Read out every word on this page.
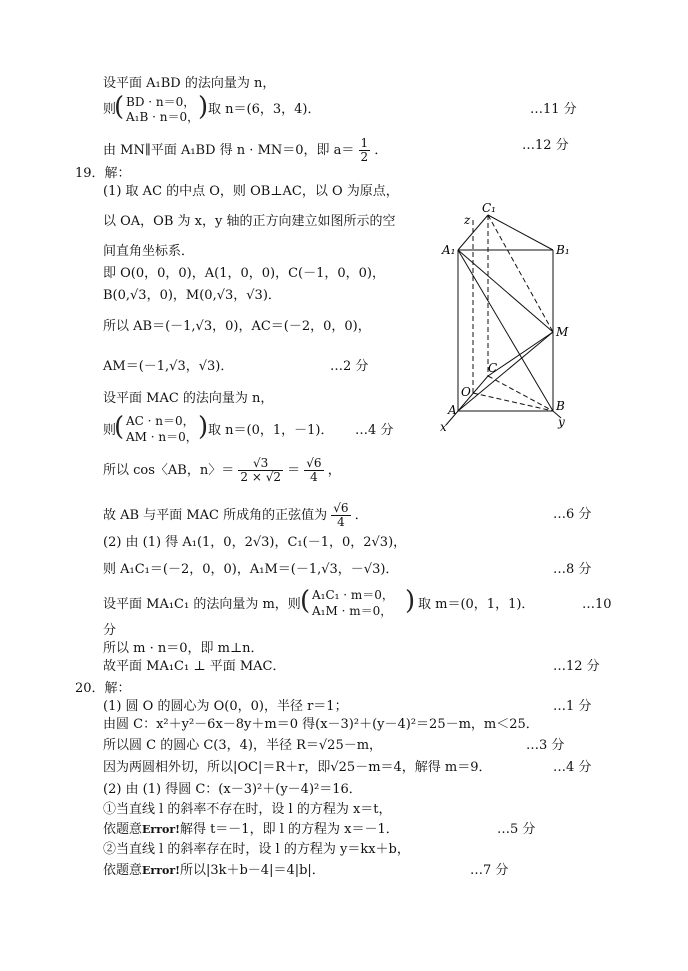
设平面 A₁BD 的法向量为 n，
则
( BD · n＝0，
A₁B · n＝0，
) 取 n＝(6，3，4)．	…11 分
由 MN∥平面 A₁BD 得 n · MN＝0，即 $a= \frac{1}{2}$ ．	…12 分
19．解：
(1) 取 AC 的中点 O，则 OB⊥AC，以 O 为原点，
以 OA，OB 为 x，y 轴的正方向建立如图所示的空
间直角坐标系．
即 O(0，0，0)，A(1，0，0)，C(－1，0，0)，
B(0,√3，0)，M(0,√3，√3)．
所以 AB＝(－1,√3，0)，AC＝(－2，0，0)，
AM＝(－1,√3，√3)．	…2 分
设平面 MAC 的法向量为 n，
则
( AC · n＝0，
AM · n＝0， ) 取 n＝(0，1，－1)． …4 分
所以 cos〈AB，n〉＝ $\frac{√3}{2 \times √2} = \frac{√6}{4}$ ，
故 AB 与平面 MAC 所成角的正弦值为 $\frac{√6}{4}$ ．	…6 分
(2) 由 (1) 得 A₁(1，0，2√3)，C₁(－1，0，2√3)，
则 A₁C₁＝(－2，0，0)，A₁M＝(－1,√3，－√3)．	…8 分
设平面 MA₁C₁ 的法向量为 m，则 ( A₁C₁ · m＝0，
A₁M · m＝0， ) 取 m＝(0，1，1)．	…10
分
所以 m · n＝0，即 m⊥n．
故平面 MA₁C₁ ⊥ 平面 MAC．	…12 分
20．解：
(1) 圆 O 的圆心为 O(0，0)，半径 r＝1；	…1 分
由圆 C：x²＋y²－6x－8y＋m＝0 得(x－3)²＋(y－4)²＝25－m，m＜25．
所以圆 C 的圆心 C(3，4)，半径 R＝√25－m，	…3 分
因为两圆相外切，所以|OC|＝R＋r，即√25－m＝4，解得 m＝9．	…4 分
(2) 由 (1) 得圆 C：(x－3)²＋(y－4)²＝16．
①当直线 l 的斜率不存在时，设 l 的方程为 x＝t，
依题意Error!解得 t＝－1，即 l 的方程为 x＝－1．	…5 分
②当直线 l 的斜率存在时，设 l 的方程为 y＝kx＋b，
依题意Error!所以|3k＋b－4|＝4|b|．	…7 分
z
C₁
A₁	B₁
M
C
O
A	B
x	y
